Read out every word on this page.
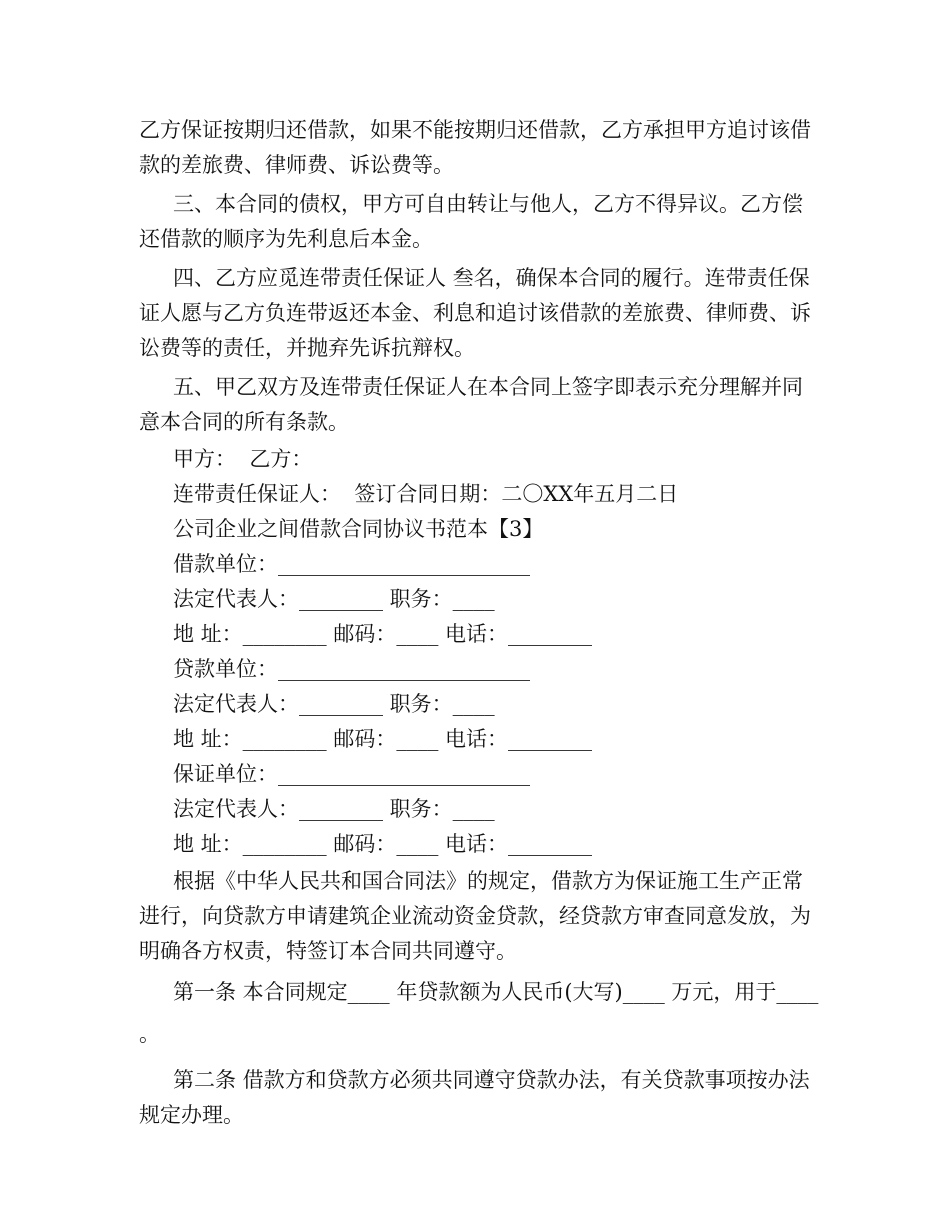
乙方保证按期归还借款，如果不能按期归还借款，乙方承担甲方追讨该借款的差旅费、律师费、诉讼费等。

三、本合同的债权，甲方可自由转让与他人，乙方不得异议。乙方偿还借款的顺序为先利息后本金。

四、乙方应觅连带责任保证人 叁名，确保本合同的履行。连带责任保证人愿与乙方负连带返还本金、利息和追讨该借款的差旅费、律师费、诉讼费等的责任，并抛弃先诉抗辩权。

五、甲乙双方及连带责任保证人在本合同上签字即表示充分理解并同意本合同的所有条款。

甲方：  乙方：

连带责任保证人：  签订合同日期：二〇XX年五月二日

公司企业之间借款合同协议书范本【3】

借款单位：________________________

法定代表人：________ 职务：____

地 址：________ 邮码：____ 电话：________

贷款单位：________________________

法定代表人：________ 职务：____

地 址：________ 邮码：____ 电话：________

保证单位：________________________

法定代表人：________ 职务：____

地 址：________ 邮码：____ 电话：________

根据《中华人民共和国合同法》的规定，借款方为保证施工生产正常进行，向贷款方申请建筑企业流动资金贷款，经贷款方审查同意发放，为明确各方权责，特签订本合同共同遵守。

第一条 本合同规定____ 年贷款额为人民币(大写)____ 万元，用于____ 。

第二条 借款方和贷款方必须共同遵守贷款办法，有关贷款事项按办法规定办理。
